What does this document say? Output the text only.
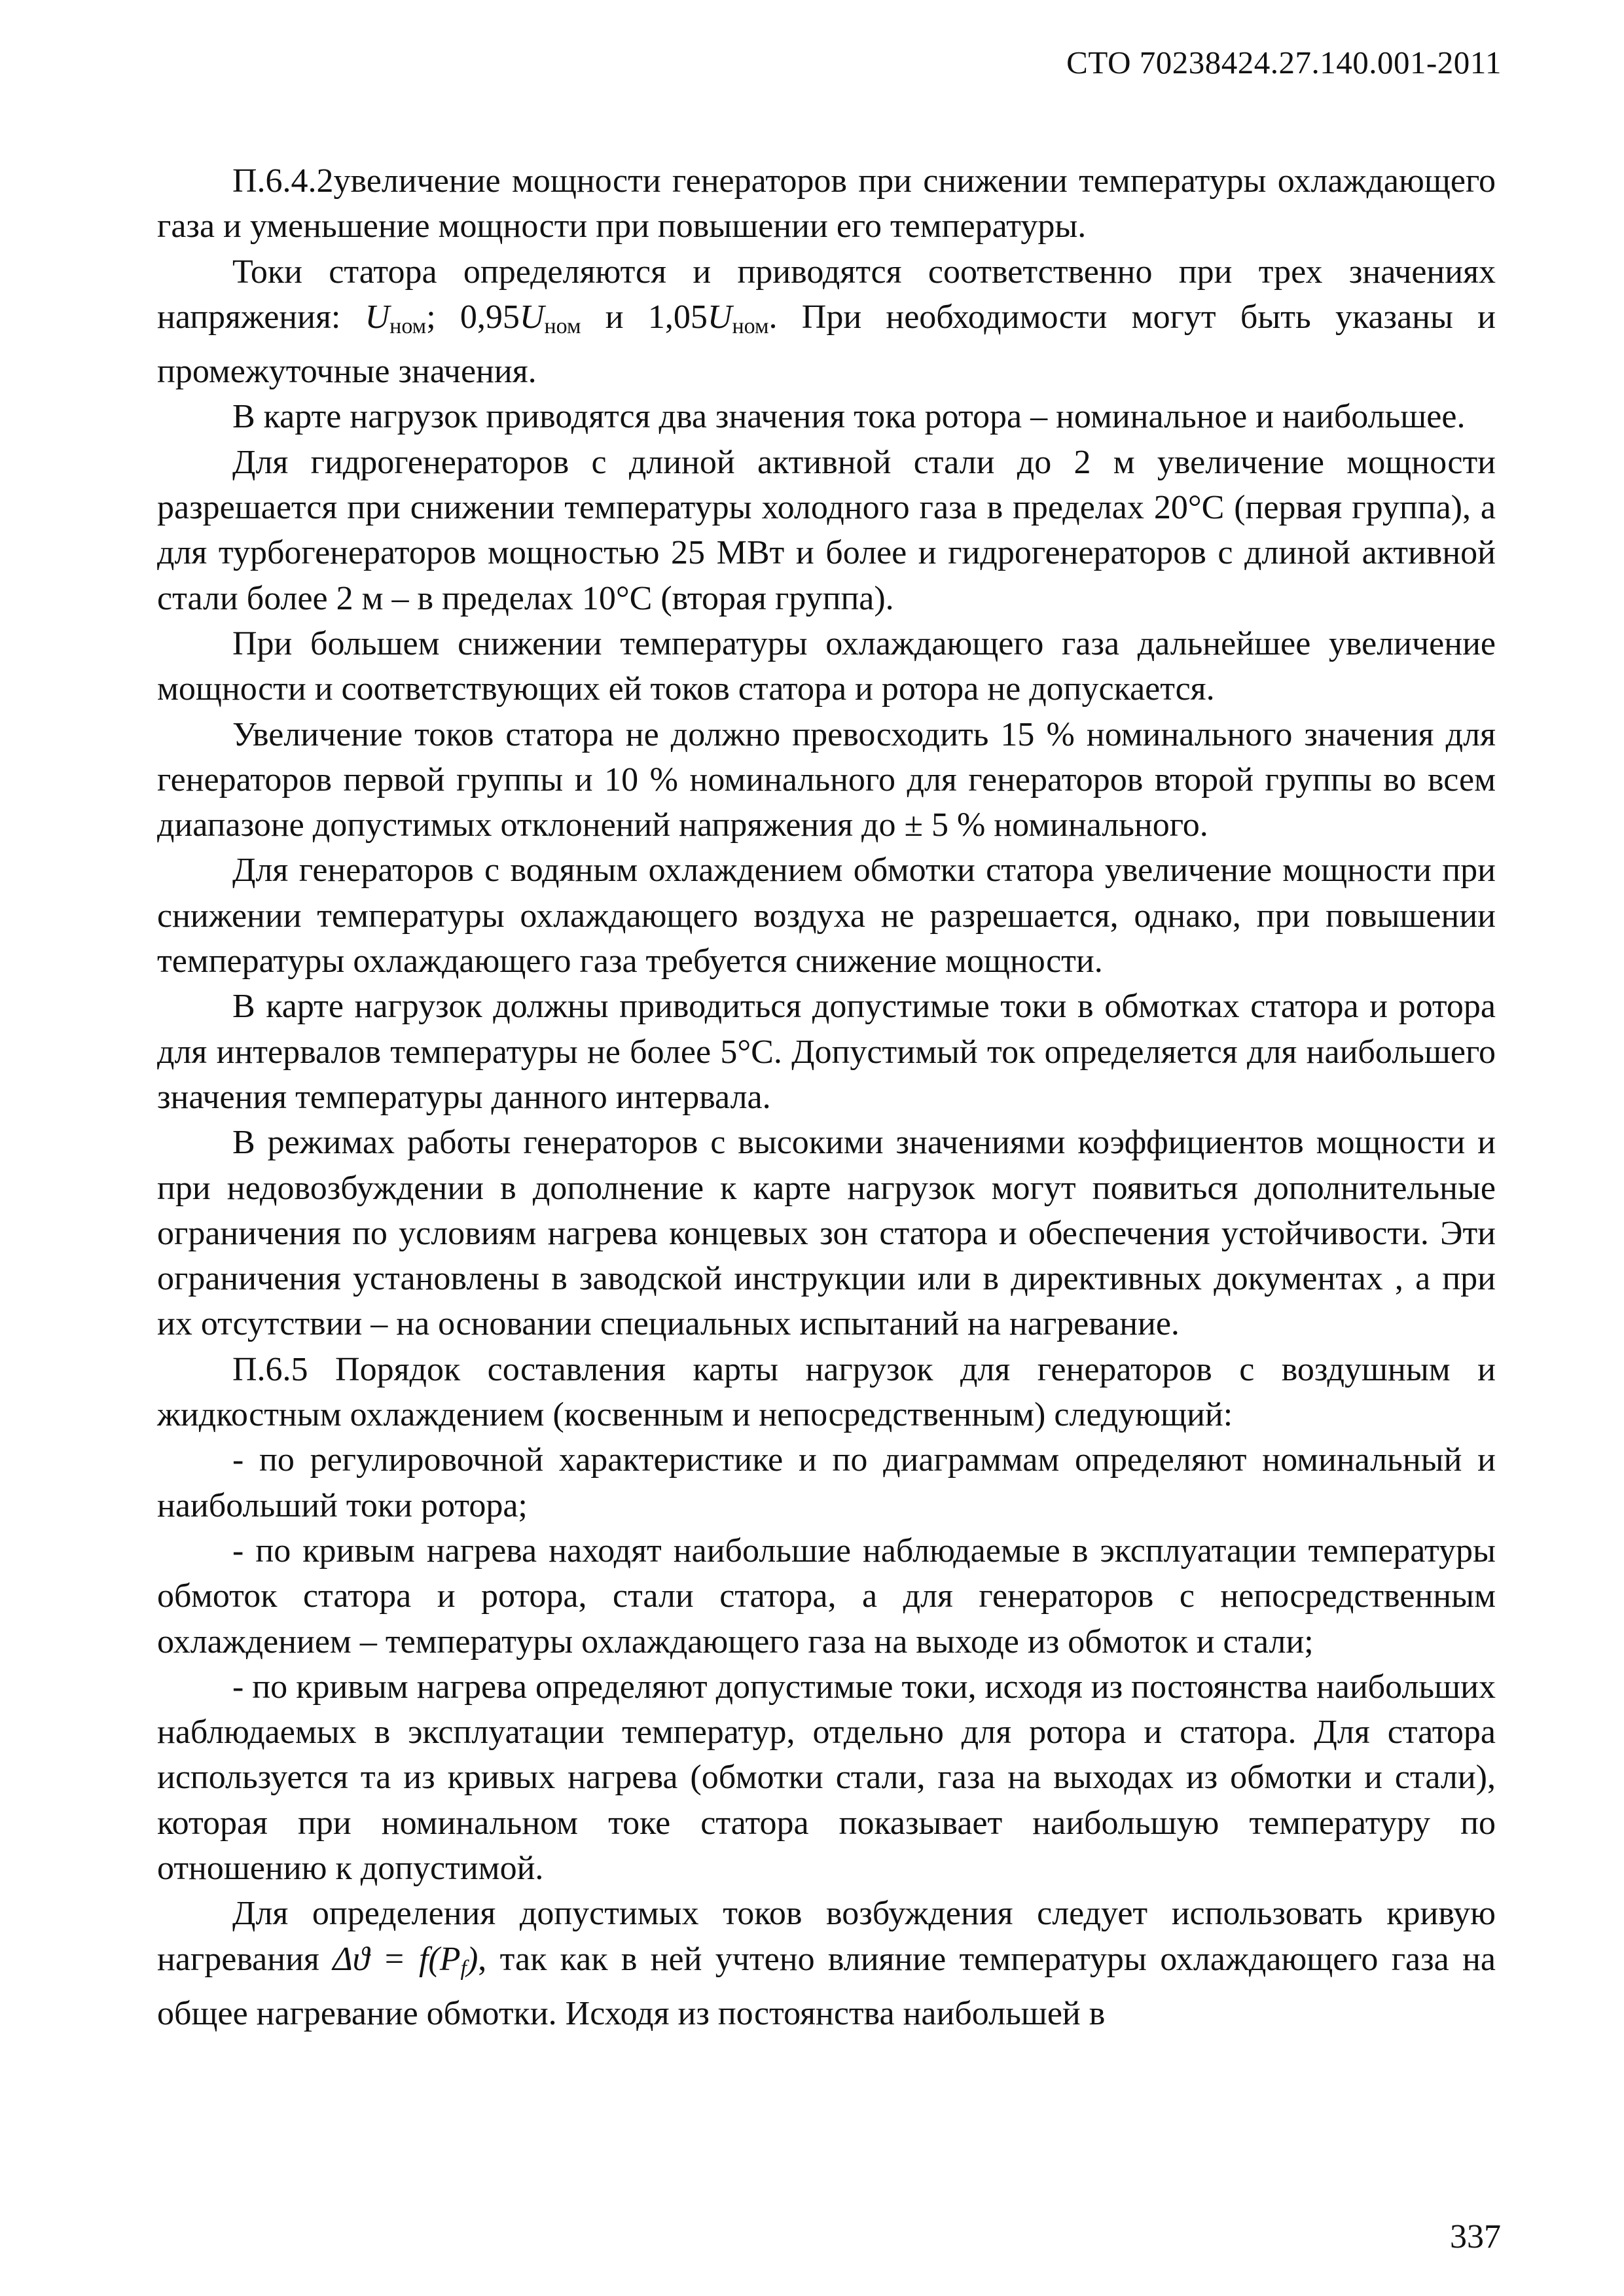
СТО 70238424.27.140.001-2011

П.6.4.2увеличение мощности генераторов при снижении температуры охлаждающего газа и уменьшение мощности при повышении его температуры.

Токи статора определяются и приводятся соответственно при трех значениях напряжения: $U_{ном}$; $0,95U_{ном}$ и $1,05U_{ном}$. При необходимости могут быть указаны и промежуточные значения.

В карте нагрузок приводятся два значения тока ротора – номинальное и наибольшее.

Для гидрогенераторов с длиной активной стали до 2 м увеличение мощности разрешается при снижении температуры холодного газа в пределах 20°С (первая группа), а для турбогенераторов мощностью 25 МВт и более и гидрогенераторов с длиной активной стали более 2 м – в пределах 10°С (вторая группа).

При большем снижении температуры охлаждающего газа дальнейшее увеличение мощности и соответствующих ей токов статора и ротора не допускается.

Увеличение токов статора не должно превосходить 15 % номинального значения для генераторов первой группы и 10 % номинального для генераторов второй группы во всем диапазоне допустимых отклонений напряжения до ± 5 % номинального.

Для генераторов с водяным охлаждением обмотки статора увеличение мощности при снижении температуры охлаждающего воздуха не разрешается, однако, при повышении температуры охлаждающего газа требуется снижение мощности.

В карте нагрузок должны приводиться допустимые токи в обмотках статора и ротора для интервалов температуры не более 5°С. Допустимый ток определяется для наибольшего значения температуры данного интервала.

В режимах работы генераторов с высокими значениями коэффициентов мощности и при недовозбуждении в дополнение к карте нагрузок могут появиться дополнительные ограничения по условиям нагрева концевых зон статора и обеспечения устойчивости. Эти ограничения установлены в заводской инструкции или в директивных документах , а при их отсутствии – на основании специальных испытаний на нагревание.

П.6.5 Порядок составления карты нагрузок для генераторов с воздушным и жидкостным охлаждением (косвенным и непосредственным) следующий:

- по регулировочной характеристике и по диаграммам определяют номинальный и наибольший токи ротора;

- по кривым нагрева находят наибольшие наблюдаемые в эксплуатации температуры обмоток статора и ротора, стали статора, а для генераторов с непосредственным охлаждением – температуры охлаждающего газа на выходе из обмоток и стали;

- по кривым нагрева определяют допустимые токи, исходя из постоянства наибольших наблюдаемых в эксплуатации температур, отдельно для ротора и статора. Для статора используется та из кривых нагрева (обмотки стали, газа на выходах из обмотки и стали), которая при номинальном токе статора показывает наибольшую температуру по отношению к допустимой.

Для определения допустимых токов возбуждения следует использовать кривую нагревания $\Delta ϑ = f(P_f)$, так как в ней учтено влияние температуры охлаждающего газа на общее нагревание обмотки. Исходя из постоянства наибольшей в

337
